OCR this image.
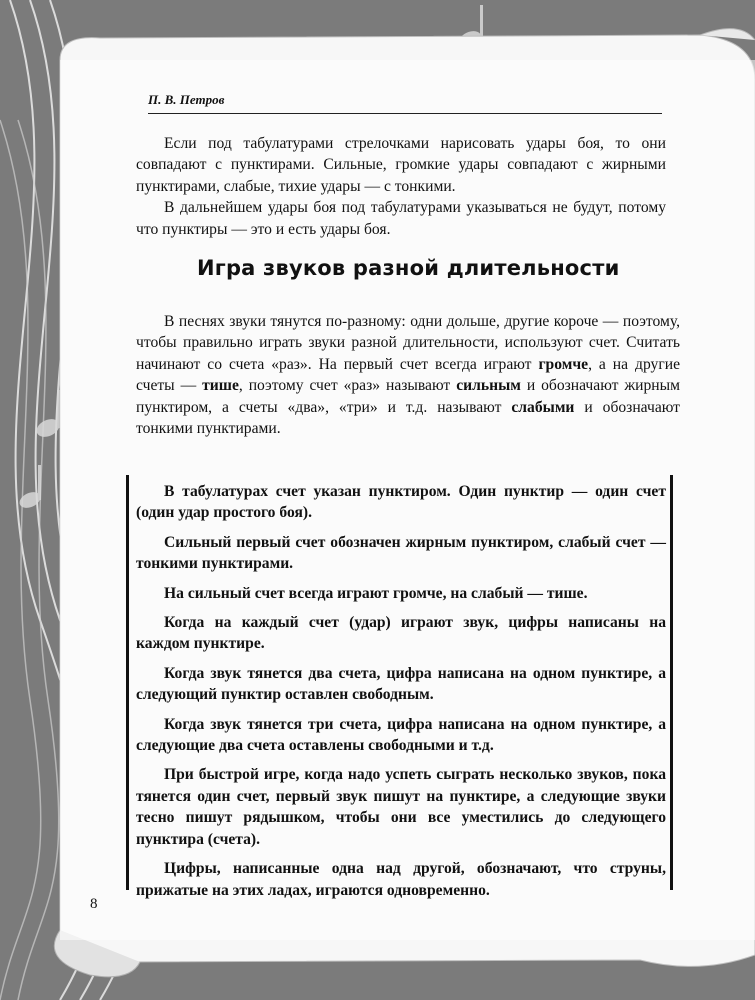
П. В. Петров

Если под табулатурами стрелочками нарисовать удары боя, то они совпадают с пунктирами. Сильные, громкие удары совпадают с жирными пунктирами, слабые, тихие удары — с тонкими.

В дальнейшем удары боя под табулатурами указываться не будут, потому что пунктиры — это и есть удары боя.

Игра звуков разной длительности

В песнях звуки тянутся по-разному: одни дольше, другие короче — поэтому, чтобы правильно играть звуки разной длительности, используют счет. Считать начинают со счета «раз». На первый счет всегда играют громче, а на другие счеты — тише, поэтому счет «раз» называют сильным и обозначают жирным пунктиром, а счеты «два», «три» и т.д. называют слабыми и обозначают тонкими пунктирами.

В табулатурах счет указан пунктиром. Один пунктир — один счет (один удар простого боя).

Сильный первый счет обозначен жирным пунктиром, слабый счет — тонкими пунктирами.

На сильный счет всегда играют громче, на слабый — тише.

Когда на каждый счет (удар) играют звук, цифры написаны на каждом пунктире.

Когда звук тянется два счета, цифра написана на одном пунктире, а следующий пунктир оставлен свободным.

Когда звук тянется три счета, цифра написана на одном пунктире, а следующие два счета оставлены свободными и т.д.

При быстрой игре, когда надо успеть сыграть несколько звуков, пока тянется один счет, первый звук пишут на пунктире, а следующие звуки тесно пишут рядышком, чтобы они все уместились до следующего пунктира (счета).

Цифры, написанные одна над другой, обозначают, что струны, прижатые на этих ладах, играются одновременно.

8
